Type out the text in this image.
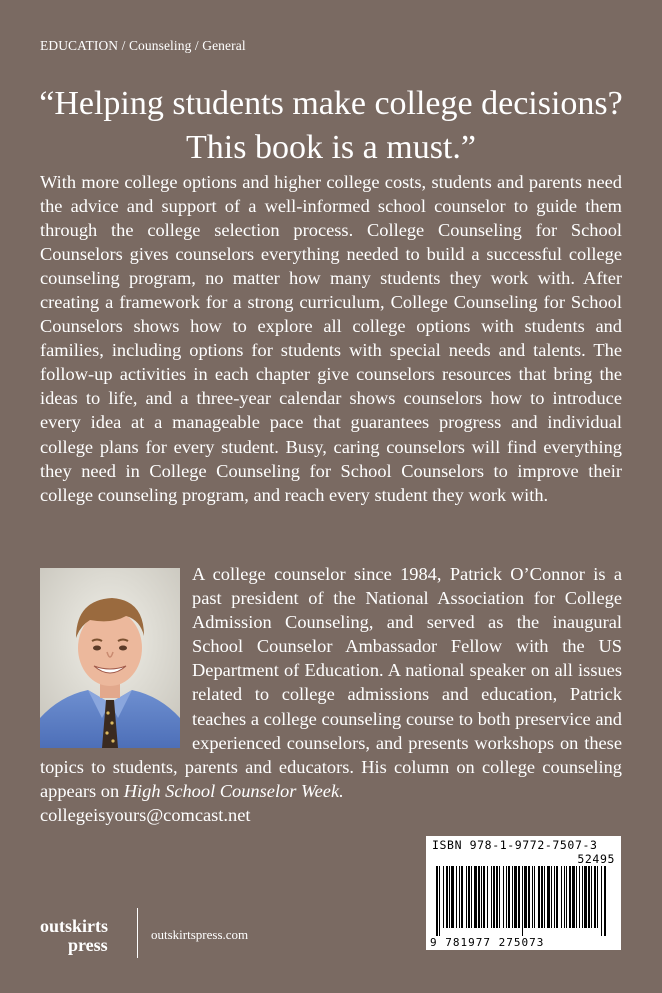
EDUCATION / Counseling / General
“Helping students make college decisions?
This book is a must.”

With more college options and higher college costs, students and parents need the advice and support of a well-informed school counselor to guide them through the college selection process. College Counseling for School Counselors gives counselors everything needed to build a successful college counseling program, no matter how many students they work with. After creating a framework for a strong curriculum, College Counseling for School Counselors shows how to explore all college options with students and families, including options for students with special needs and talents. The follow-up activities in each chapter give counselors resources that bring the ideas to life, and a three-year calendar shows counselors how to introduce every idea at a manageable pace that guarantees progress and individual college plans for every student. Busy, caring counselors will find everything they need in College Counseling for School Counselors to improve their college counseling program, and reach every student they work with.

A college counselor since 1984, Patrick O’Connor is a past president of the National Association for College Admission Counseling, and served as the inaugural School Counselor Ambassador Fellow with the US Department of Education. A national speaker on all issues related to college admissions and education, Patrick teaches a college counseling course to both preservice and experienced counselors, and presents workshops on these topics to students, parents and educators. His column on college counseling appears on High School Counselor Week.
collegeisyours@comcast.net
outskirts
press
outskirtspress.com
ISBN 978-1-9772-7507-3
52495
9 781977 275073
